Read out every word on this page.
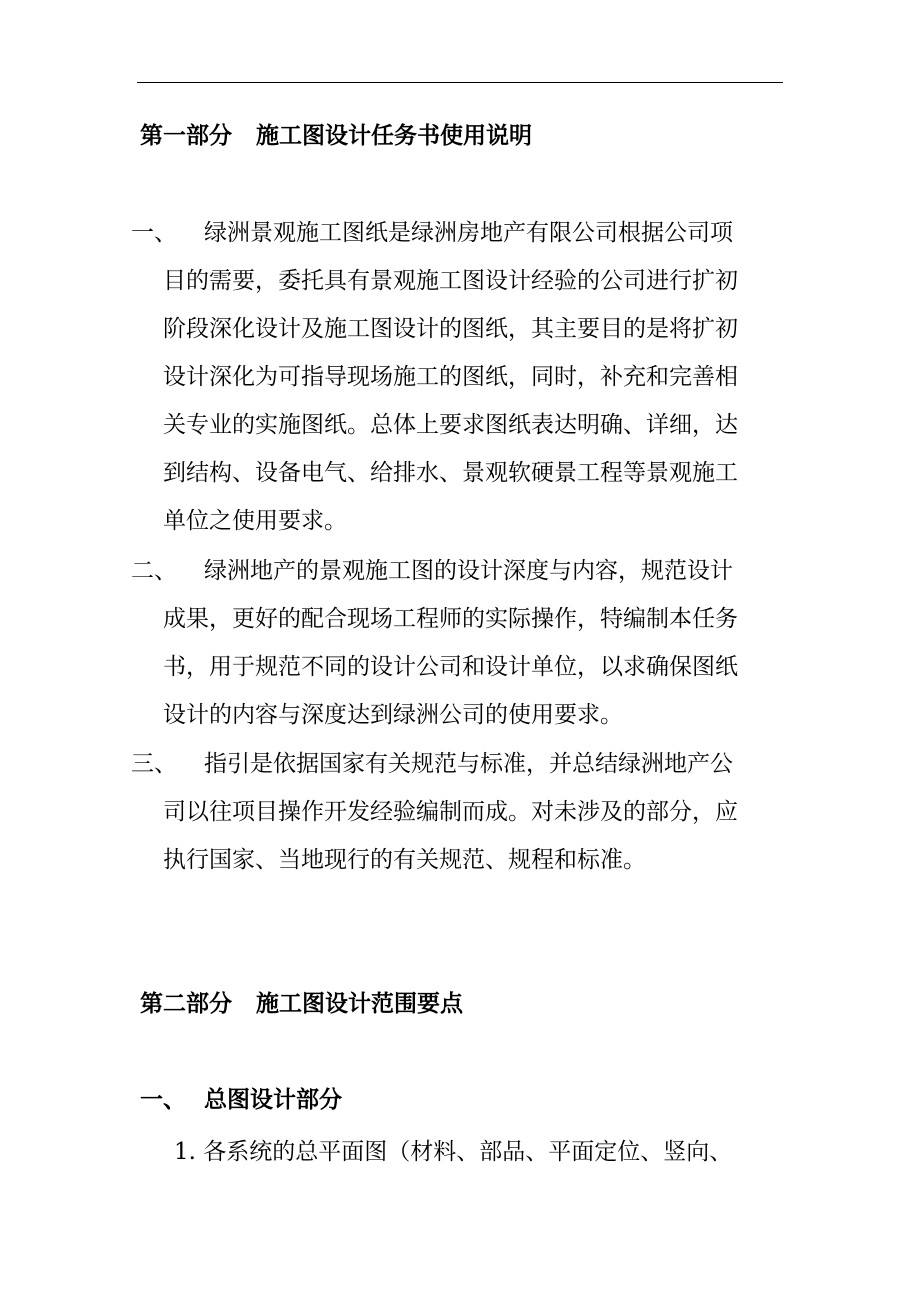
第一部分 施工图设计任务书使用说明
一、	绿洲景观施工图纸是绿洲房地产有限公司根据公司项
目的需要，委托具有景观施工图设计经验的公司进行扩初
阶段深化设计及施工图设计的图纸，其主要目的是将扩初
设计深化为可指导现场施工的图纸，同时，补充和完善相
关专业的实施图纸。总体上要求图纸表达明确、详细，达
到结构、设备电气、给排水、景观软硬景工程等景观施工
单位之使用要求。
二、	绿洲地产的景观施工图的设计深度与内容，规范设计
成果，更好的配合现场工程师的实际操作，特编制本任务
书，用于规范不同的设计公司和设计单位，以求确保图纸
设计的内容与深度达到绿洲公司的使用要求。
三、	指引是依据国家有关规范与标准，并总结绿洲地产公
司以往项目操作开发经验编制而成。对未涉及的部分，应
执行国家、当地现行的有关规范、规程和标准。
第二部分 施工图设计范围要点
一、 总图设计部分
1. 各系统的总平面图（材料、部品、平面定位、竖向、
